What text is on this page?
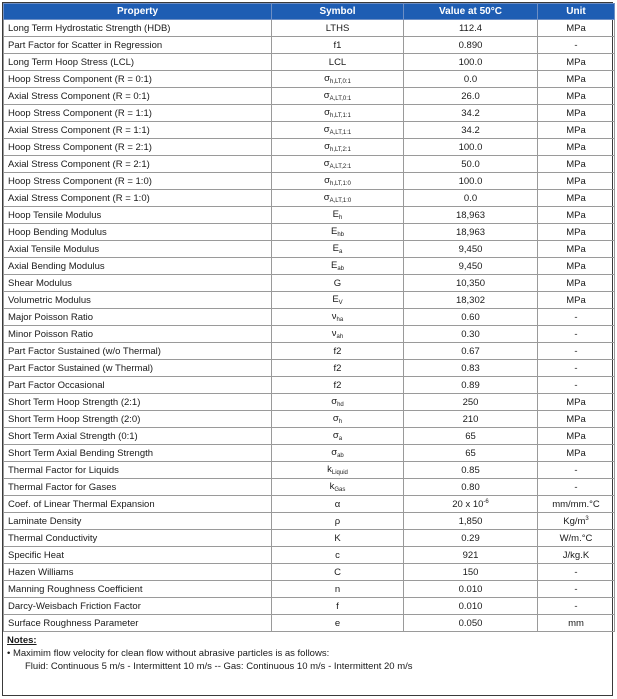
Property	Symbol	Value at 50°C	Unit
Long Term Hydrostatic Strength (HDB)	LTHS	112.4	MPa
Part Factor for Scatter in Regression	f1	0.890	-
Long Term Hoop Stress (LCL)	LCL	100.0	MPa
Hoop Stress Component (R = 0:1)	$\sigma_{h,LT,0:1}$	0.0	MPa
Axial Stress Component (R = 0:1)	$\sigma_{A,LT,0:1}$	26.0	MPa
Hoop Stress Component (R = 1:1)	$\sigma_{h,LT,1:1}$	34.2	MPa
Axial Stress Component (R = 1:1)	$\sigma_{A,LT,1:1}$	34.2	MPa
Hoop Stress Component (R = 2:1)	$\sigma_{h,LT,2:1}$	100.0	MPa
Axial Stress Component (R = 2:1)	$\sigma_{A,LT,2:1}$	50.0	MPa
Hoop Stress Component (R = 1:0)	$\sigma_{h,LT,1:0}$	100.0	MPa
Axial Stress Component (R = 1:0)	$\sigma_{A,LT,1:0}$	0.0	MPa
Hoop Tensile Modulus	$E_h$	18,963	MPa
Hoop Bending Modulus	$E_{hb}$	18,963	MPa
Axial Tensile Modulus	$E_a$	9,450	MPa
Axial Bending Modulus	$E_{ab}$	9,450	MPa
Shear Modulus	G	10,350	MPa
Volumetric Modulus	$E_V$	18,302	MPa
Major Poisson Ratio	$\nu_{ha}$	0.60	-
Minor Poisson Ratio	$\nu_{ah}$	0.30	-
Part Factor Sustained (w/o Thermal)	f2	0.67	-
Part Factor Sustained (w Thermal)	f2	0.83	-
Part Factor Occasional	f2	0.89	-
Short Term Hoop Strength (2:1)	$\sigma_{hd}$	250	MPa
Short Term Hoop Strength (2:0)	$\sigma_h$	210	MPa
Short Term Axial Strength (0:1)	$\sigma_a$	65	MPa
Short Term Axial Bending Strength	$\sigma_{ab}$	65	MPa
Thermal Factor for Liquids	$k_{Liquid}$	0.85	-
Thermal Factor for Gases	$k_{Gas}$	0.80	-
Coef. of Linear Thermal Expansion	α	20 x $10^{-6}$	mm/mm.°C
Laminate Density	ρ	1,850	$Kg/m^3$
Thermal Conductivity	K	0.29	W/m.°C
Specific Heat	c	921	J/kg.K
Hazen Williams	C	150	-
Manning Roughness Coefficient	n	0.010	-
Darcy-Weisbach Friction Factor	f	0.010	-
Surface Roughness Parameter	e	0.050	mm
Notes:
• Maximim flow velocity for clean flow without abrasive particles is as follows:
Fluid: Continuous 5 m/s - Intermittent 10 m/s -- Gas: Continuous 10 m/s - Intermittent 20 m/s
